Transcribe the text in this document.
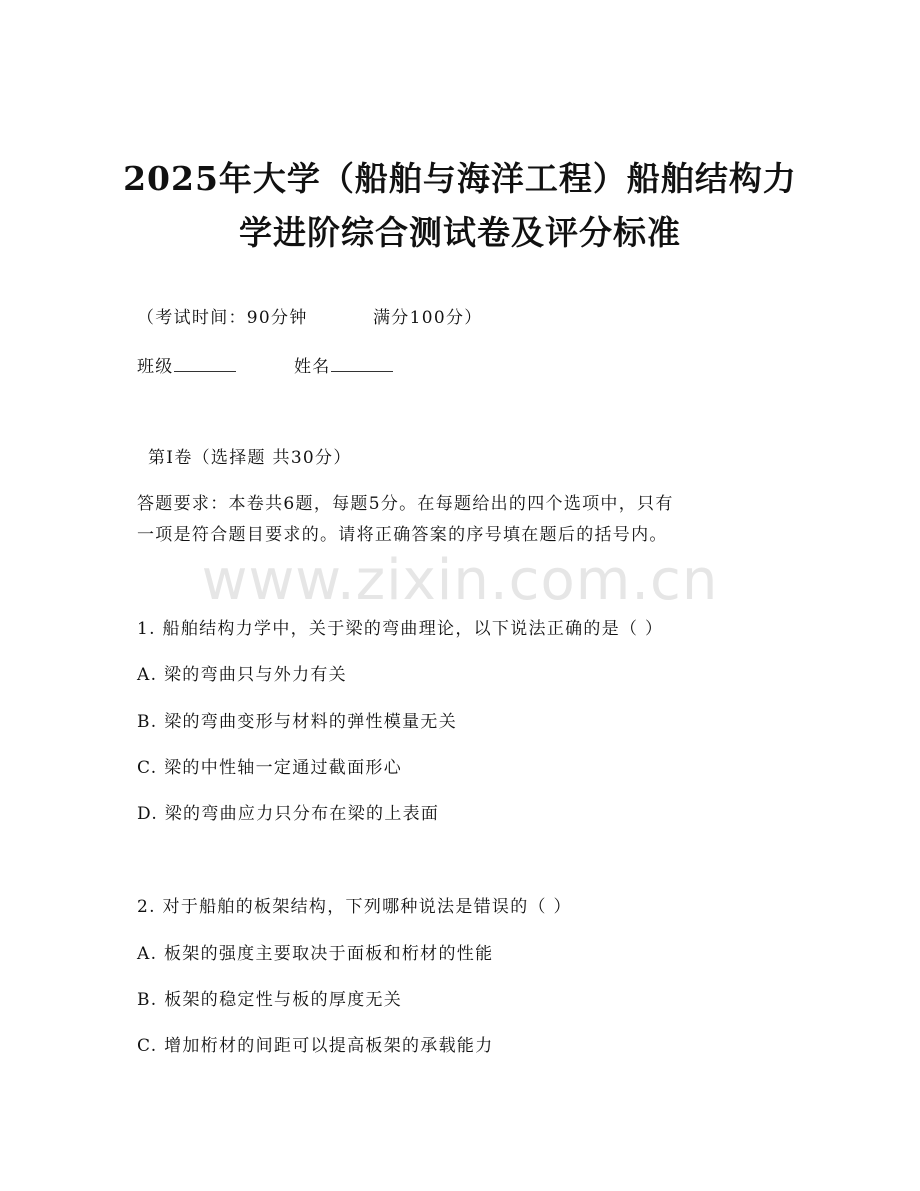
2025年大学（船舶与海洋工程）船舶结构力
学进阶综合测试卷及评分标准
（考试时间：90分钟	满分100分）
班级	姓名
第I卷（选择题 共30分）
答题要求：本卷共6题，每题5分。在每题给出的四个选项中，只有
一项是符合题目要求的。请将正确答案的序号填在题后的括号内。
www.zixin.com.cn
1. 船舶结构力学中，关于梁的弯曲理论，以下说法正确的是（ ）
A. 梁的弯曲只与外力有关
B. 梁的弯曲变形与材料的弹性模量无关
C. 梁的中性轴一定通过截面形心
D. 梁的弯曲应力只分布在梁的上表面
2. 对于船舶的板架结构，下列哪种说法是错误的（ ）
A. 板架的强度主要取决于面板和桁材的性能
B. 板架的稳定性与板的厚度无关
C. 增加桁材的间距可以提高板架的承载能力
